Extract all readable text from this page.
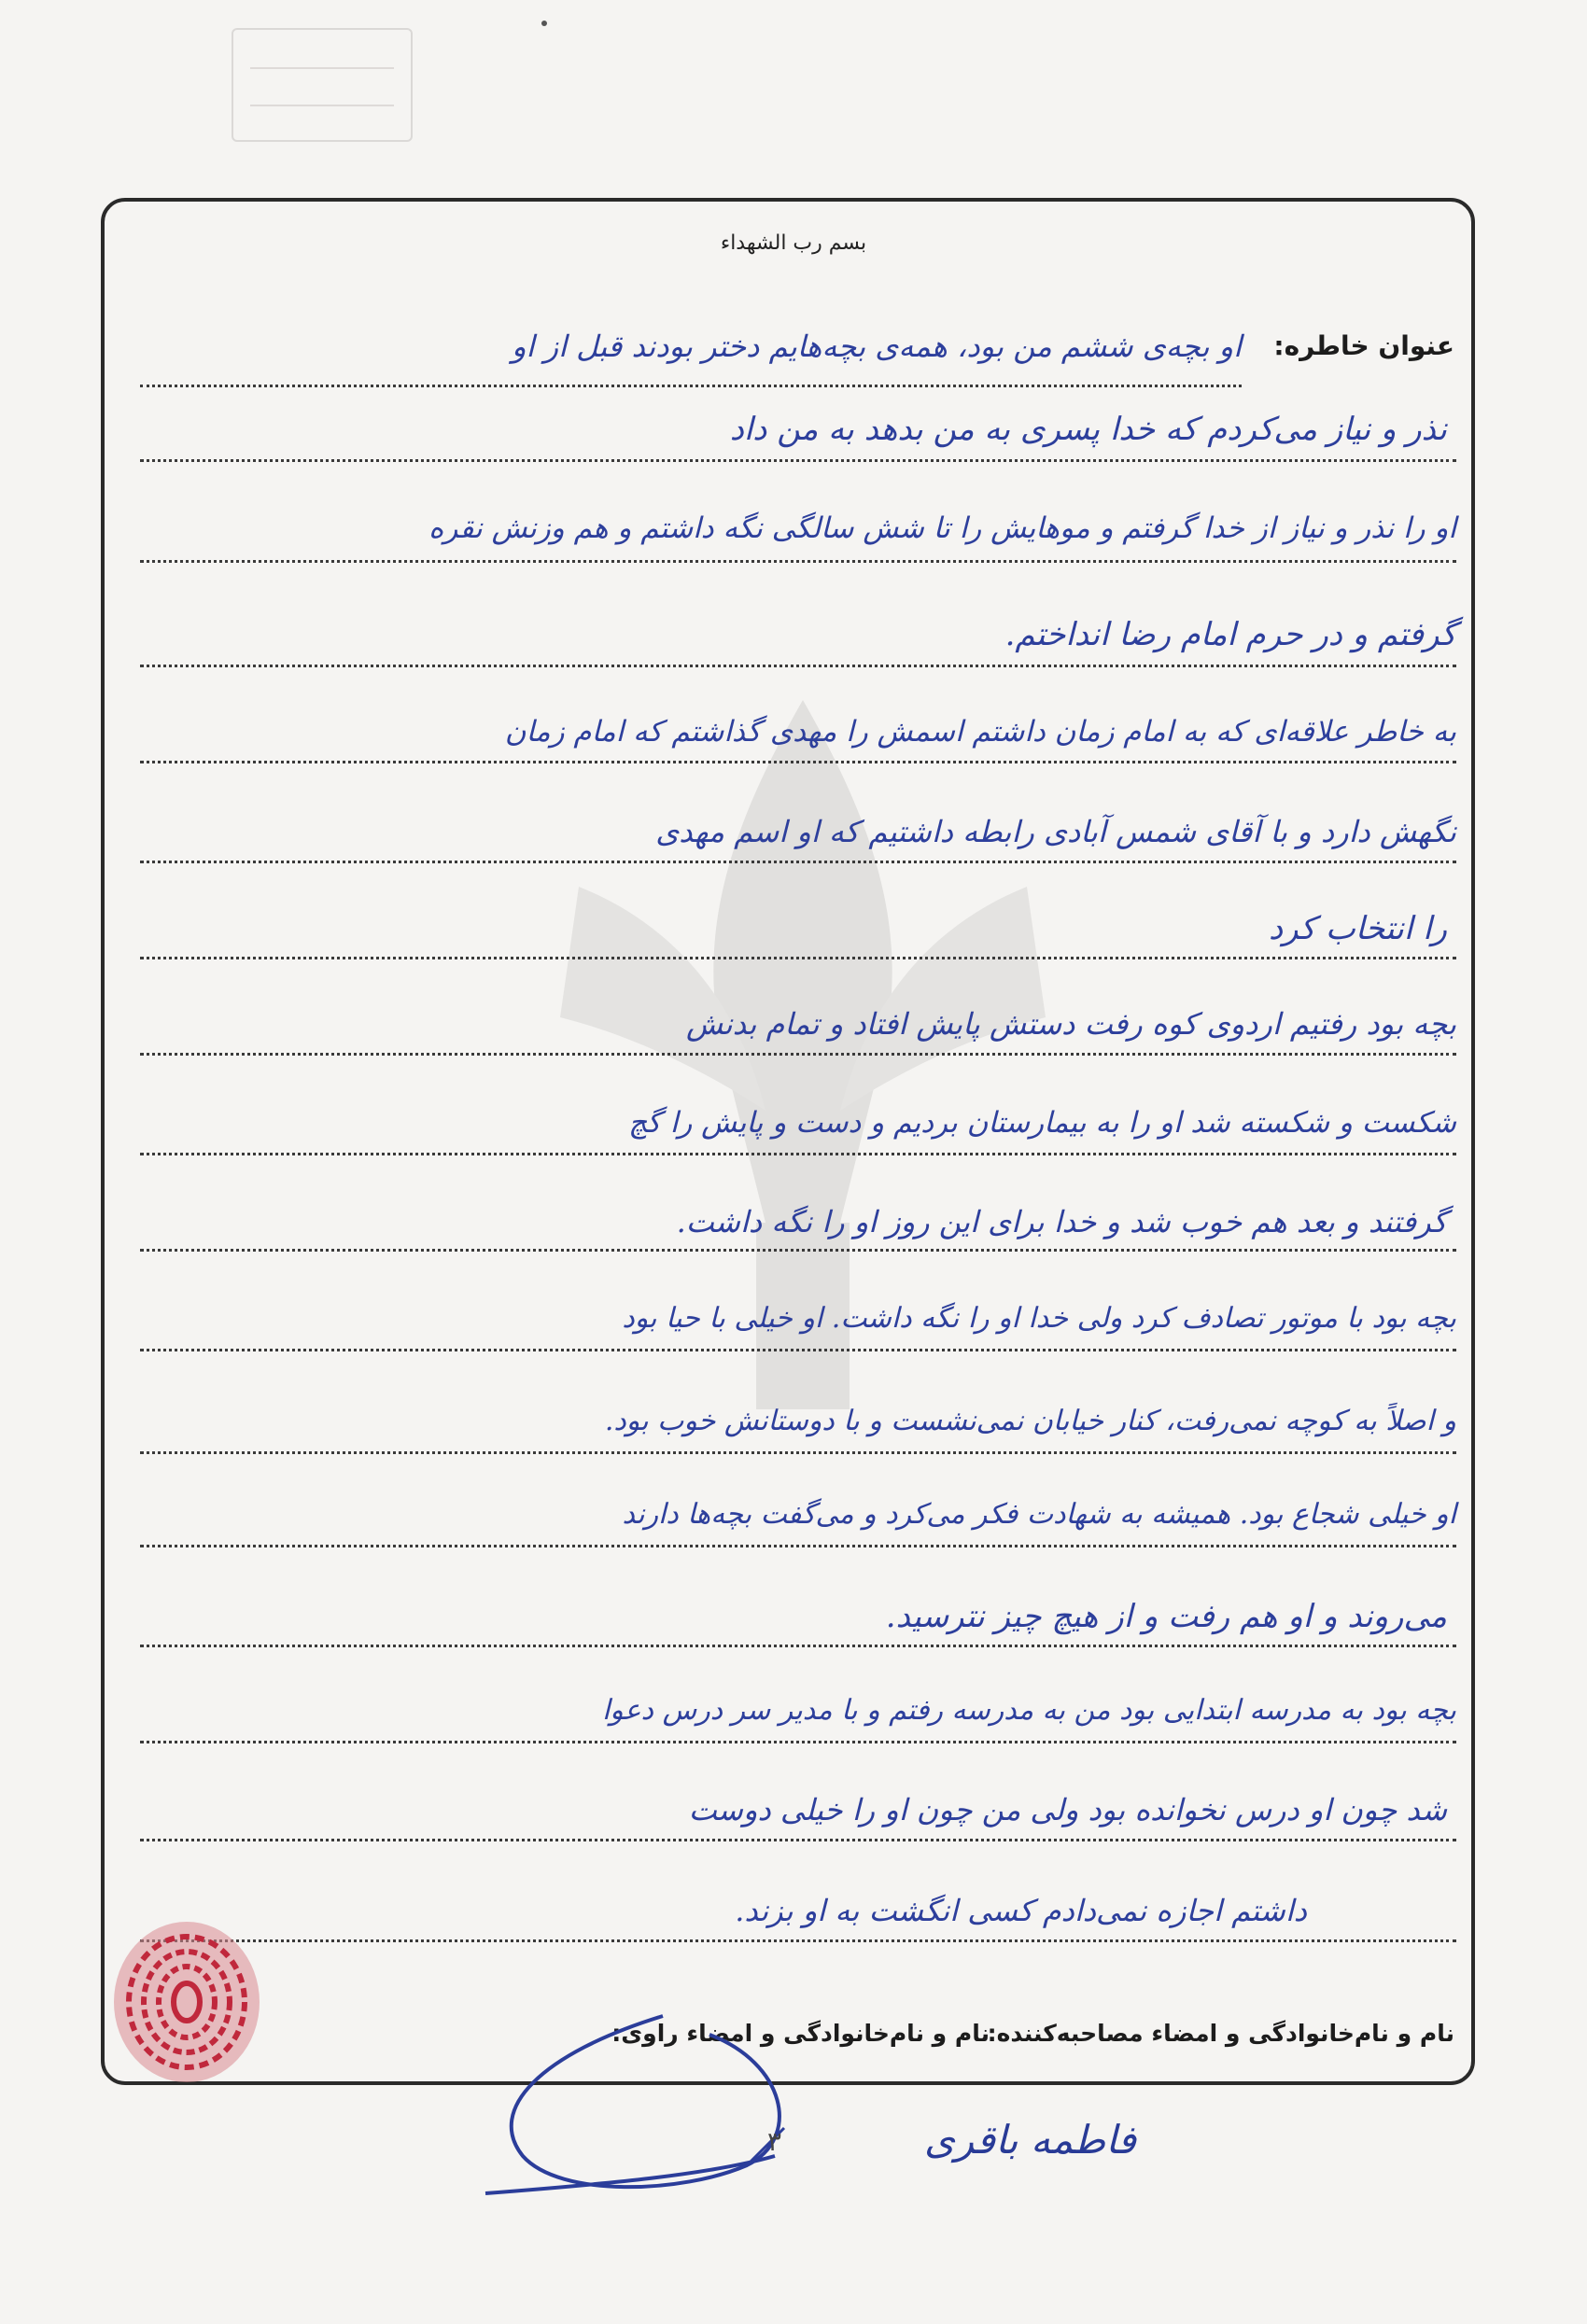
بسم رب الشهداء
عنوان خاطره:
او بچه‌ی ششم من بود، همه‌ی بچه‌هایم دختر بودند قبل از او
نذر و نیاز می‌کردم که خدا پسری به من بدهد به من داد
او را نذر و نیاز از خدا گرفتم و موهایش را تا شش سالگی نگه داشتم و هم وزنش نقره
گرفتم و در حرم امام رضا انداختم.
به خاطر علاقه‌ای که به امام زمان داشتم اسمش را مهدی گذاشتم که امام زمان
نگهش دارد و با آقای شمس آبادی رابطه داشتیم که او اسم مهدی
را انتخاب کرد
بچه بود رفتیم اردوی کوه رفت دستش پایش افتاد و تمام بدنش
شکست و شکسته شد او را به بیمارستان بردیم و دست و پایش را گچ
گرفتند و بعد هم خوب شد و خدا برای این روز او را نگه داشت.
بچه بود با موتور تصادف کرد ولی خدا او را نگه داشت. او خیلی با حیا بود
و اصلاً به کوچه نمی‌رفت، کنار خیابان نمی‌نشست و با دوستانش خوب بود.
او خیلی شجاع بود. همیشه به شهادت فکر می‌کرد و می‌گفت بچه‌ها دارند
می‌روند و او هم رفت و از هیچ چیز نترسید.
بچه بود به مدرسه ابتدایی بود من به مدرسه رفتم و با مدیر سر درس دعوا
شد چون او درس نخوانده بود ولی من چون او را خیلی دوست
داشتم اجازه نمی‌دادم کسی انگشت به او بزند.
نام و نام‌خانوادگی و امضاء مصاحبه‌کننده:
نام و نام‌خانوادگی و امضاء راوی:
فاطمه باقری
۳
